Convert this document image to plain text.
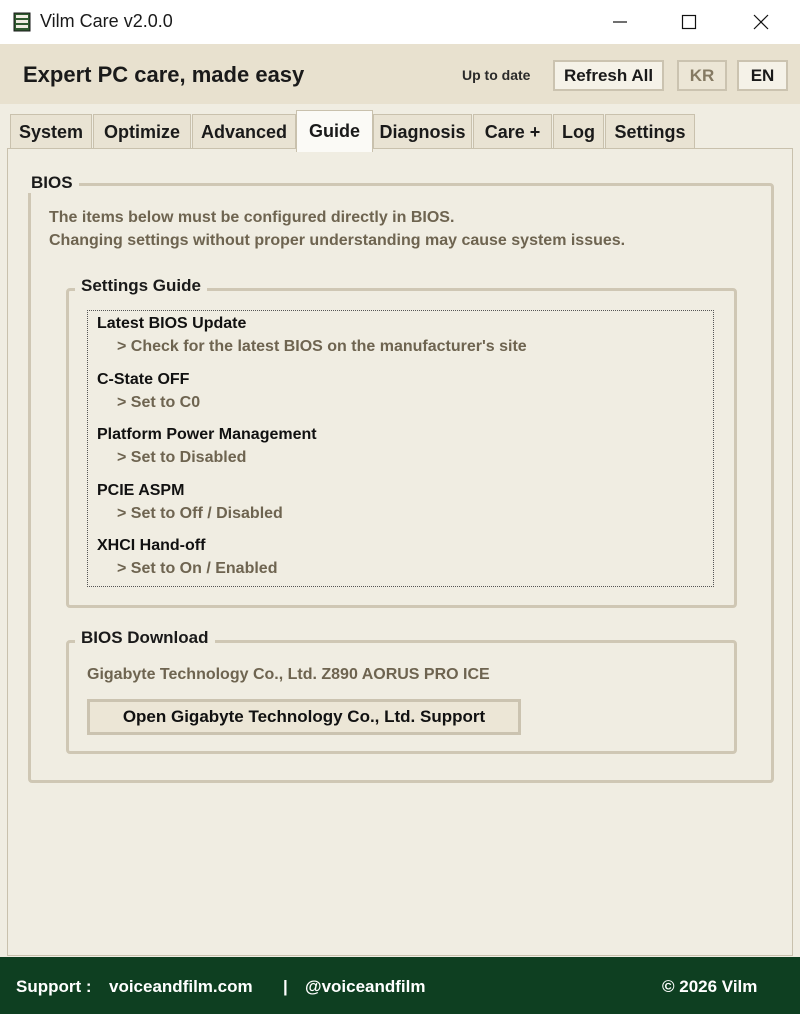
Vilm Care v2.0.0
Expert PC care, made easy	Up to date	Refresh All	KR	EN
System	Optimize	Advanced	Guide	Diagnosis	Care +	Log	Settings
BIOS
The items below must be configured directly in BIOS.
Changing settings without proper understanding may cause system issues.
Settings Guide
Latest BIOS Update
> Check for the latest BIOS on the manufacturer's site
C-State OFF
> Set to C0
Platform Power Management
> Set to Disabled
PCIE ASPM
> Set to Off / Disabled
XHCI Hand-off
> Set to On / Enabled
BIOS Download
Gigabyte Technology Co., Ltd. Z890 AORUS PRO ICE
Open Gigabyte Technology Co., Ltd. Support
Support : voiceandfilm.com | @voiceandfilm	© 2026 Vilm
